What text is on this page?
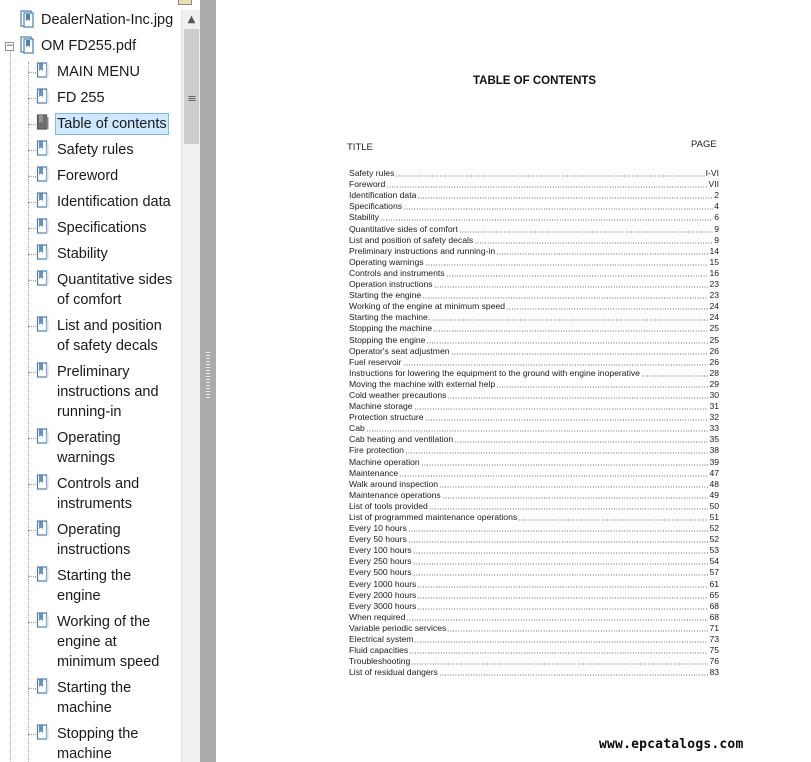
DealerNation-Inc.jpg
OM FD255.pdf
MAIN MENU
FD 255
Table of contents
Safety rules
Foreword
Identification data
Specifications
Stability
Quantitative sides
of comfort
List and position
of safety decals
Preliminary
instructions and
running-in
Operating
warnings
Controls and
instruments
Operating
instructions
Starting the
engine
Working of the
engine at
minimum speed
Starting the
machine
Stopping the
machine
−
▲
≡
TABLE OF CONTENTS
TITLE	PAGE
Safety rules	I-VI
Foreword	VII
Identification data	2
Specifications	4
Stability	6
Quantitative sides of comfort	9
List and position of safety decals	9
Preliminary instructions and running-in	14
Operating warnings	15
Controls and instruments	16
Operation instructions	23
Starting the engine	23
Working of the engine at minimum speed	24
Starting the machine.	24
Stopping the machine	25
Stopping the engine	25
Operator's seat adjustmen	26
Fuel reservoir	26
Instructions for lowering the equipment to the ground with engine inoperative	28
Moving the machine with external help	29
Cold weather precautions	30
Machine storage	31
Protection structure	32
Cab	33
Cab heating and ventilation	35
Fire protection	38
Machine operation	39
Maintenance	47
Walk around inspection	48
Maintenance operations	49
List of tools provided	50
List of programmed maintenance operations	51
Every 10 hours	52
Every 50 hours	52
Every 100 hours	53
Every 250 hours	54
Every 500 hours	57
Every 1000 hours	61
Every 2000 hours	65
Every 3000 hours	68
When required	68
Variable periodic services	71
Electrical system	73
Fluid capacities	75
Troubleshooting	76
List of residual dangers	83
www.epcatalogs.com
